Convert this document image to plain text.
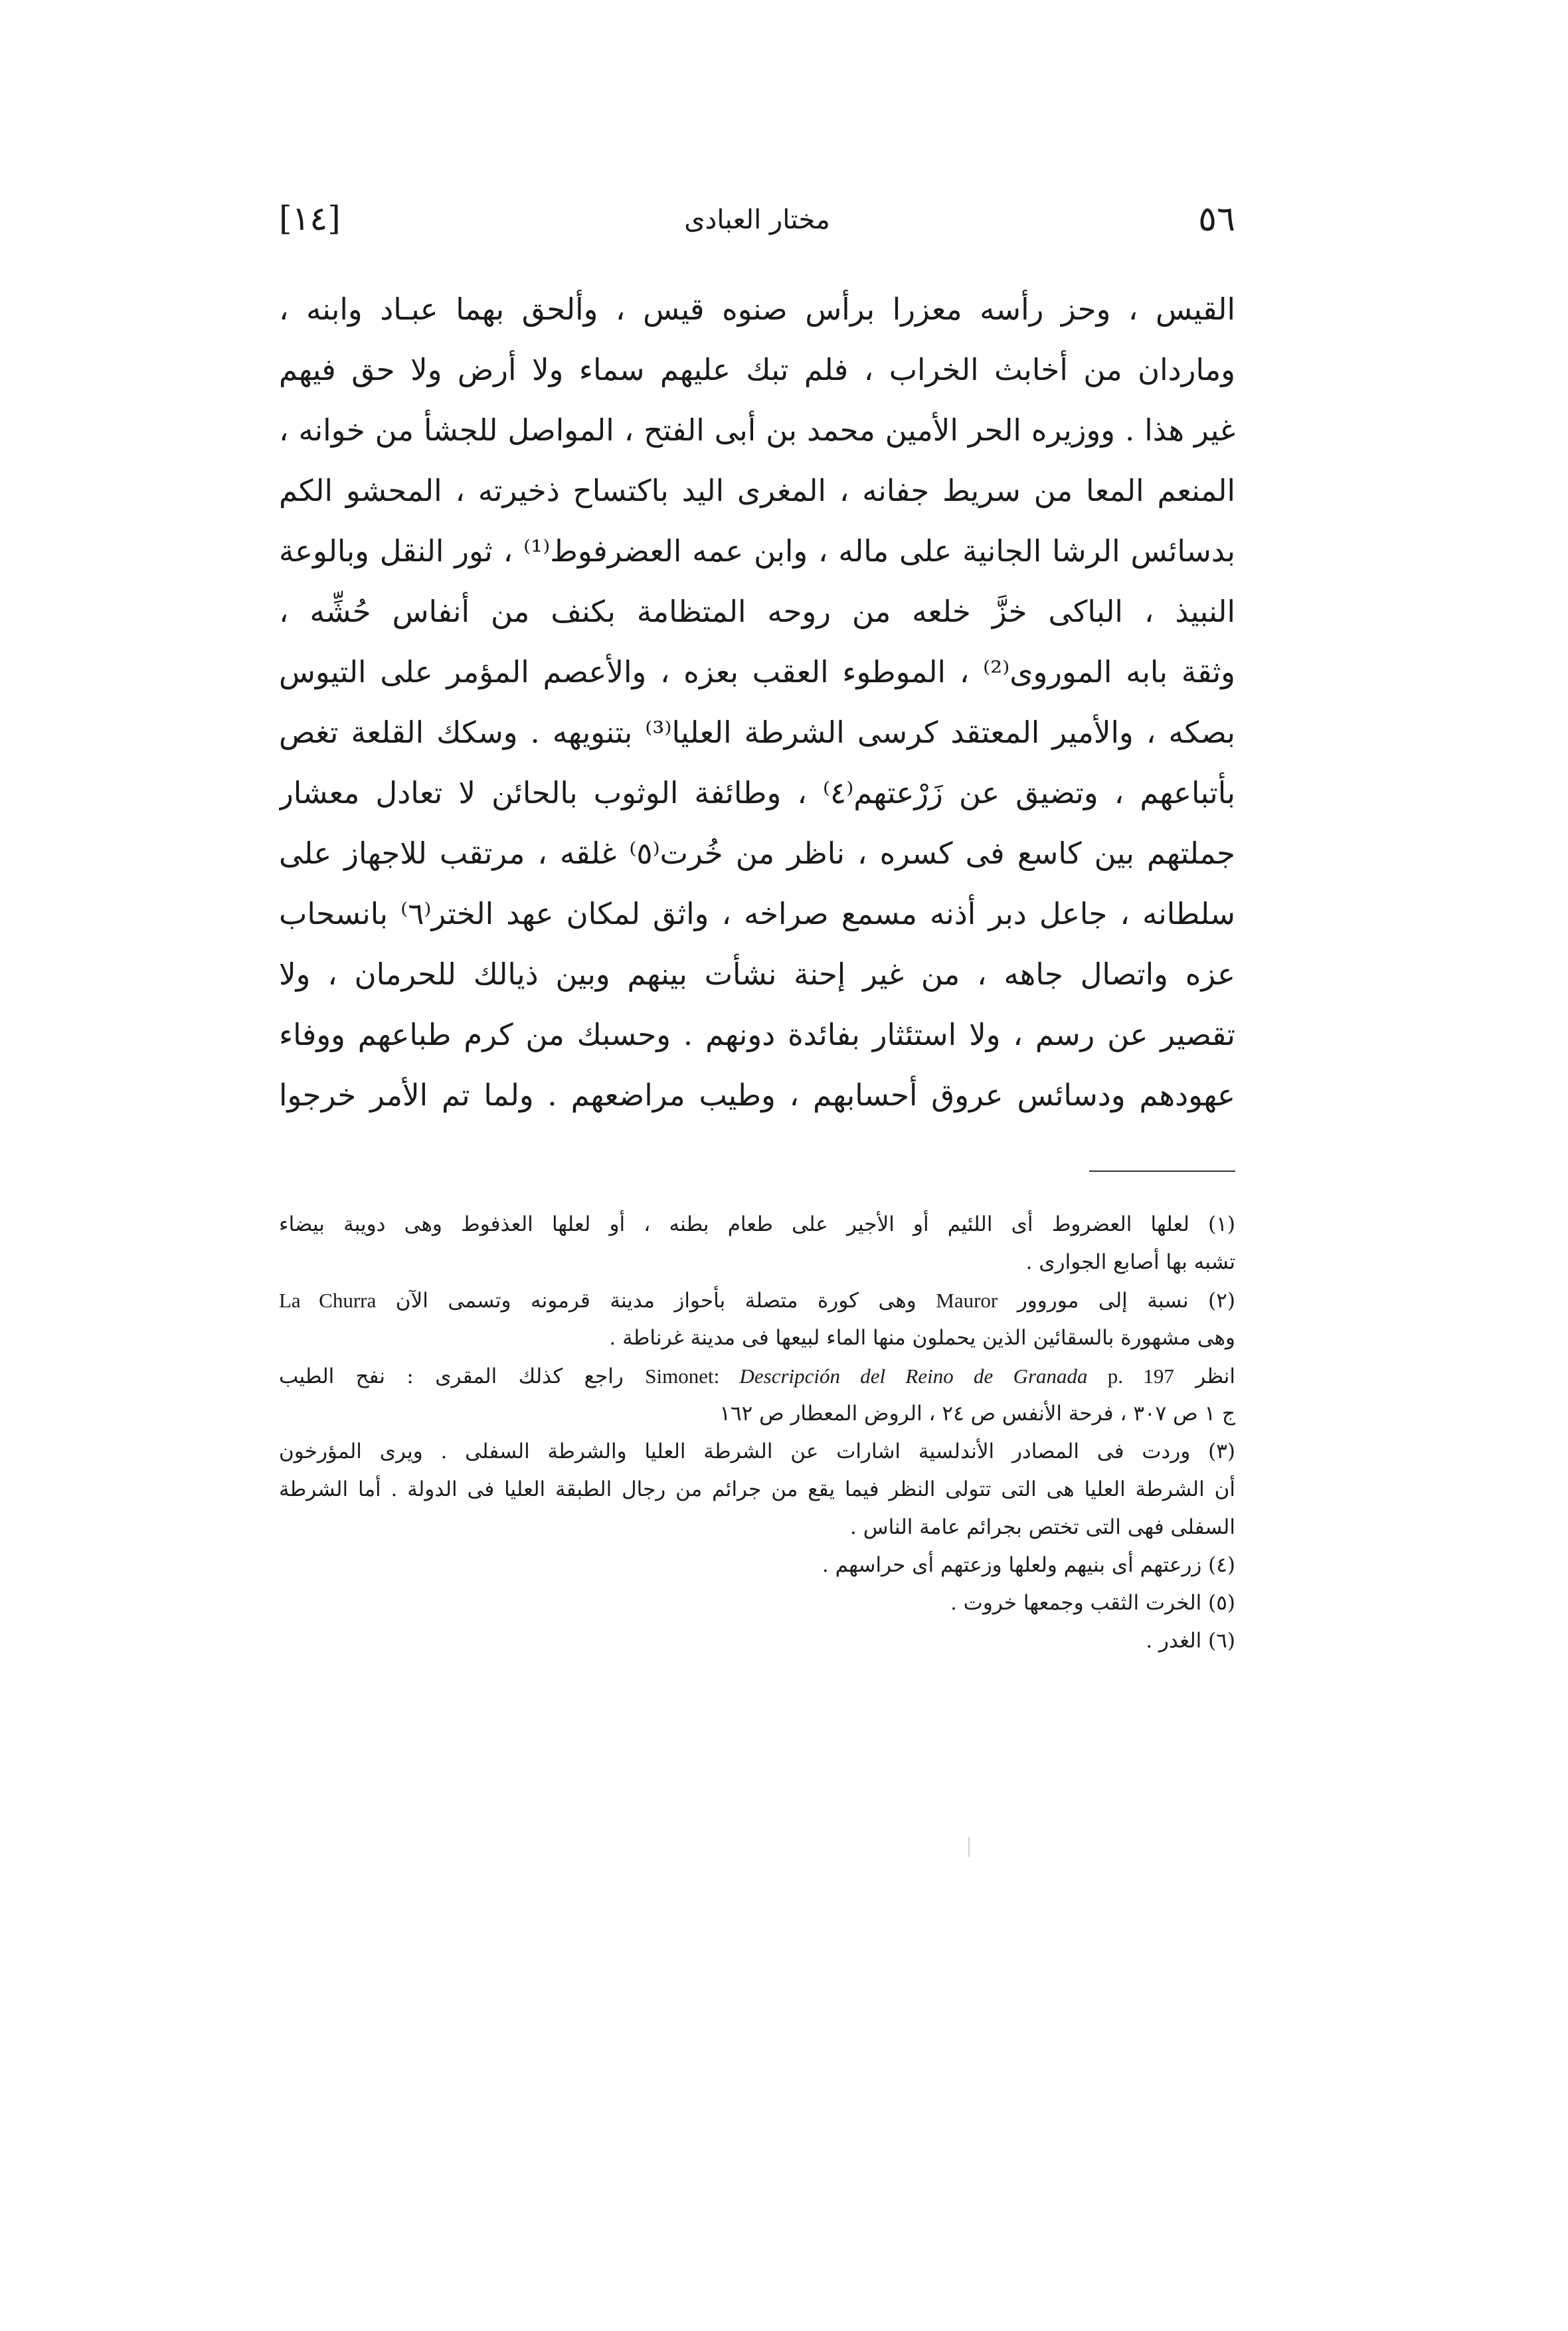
٥٦
مختار العبادى
[١٤]
القيس ، وحز رأسه معزرا برأس صنوه قيس ، وألحق بهما عبـاد وابنه ،
وماردان من أخابث الخراب ، فلم تبك عليهم سماء ولا أرض ولا حق فيهم
غير هذا . ووزيره الحر الأمين محمد بن أبى الفتح ، المواصل للجشأ من خوانه ،
المنعم المعا من سريط جفانه ، المغرى اليد باكتساح ذخيرته ، المحشو الكم
بدسائس الرشا الجانية على ماله ، وابن عمه العضرفوط⁽¹⁾ ، ثور النقل وبالوعة
النبيذ ، الباكى خزَّ خلعه من روحه المتظامة بكنف من أنفاس حُشِّه ،
وثقة بابه الموروى⁽²⁾ ، الموطوء العقب بعزه ، والأعصم المؤمر على التيوس
بصكه ، والأمير المعتقد كرسى الشرطة العليا⁽³⁾ بتنويهه . وسكك القلعة تغص
بأتباعهم ، وتضيق عن زَرْعتهم⁽٤⁾ ، وطائفة الوثوب بالحائن لا تعادل معشار
جملتهم بين كاسع فى كسره ، ناظر من خُرت⁽٥⁾ غلقه ، مرتقب للاجهاز على
سلطانه ، جاعل دبر أذنه مسمع صراخه ، واثق لمكان عهد الختر⁽٦⁾ بانسحاب
عزه واتصال جاهه ، من غير إحنة نشأت بينهم وبين ذيالك للحرمان ، ولا
تقصير عن رسم ، ولا استئثار بفائدة دونهم . وحسبك من كرم طباعهم ووفاء
عهودهم ودسائس عروق أحسابهم ، وطيب مراضعهم . ولما تم الأمر خرجوا
(١) لعلها العضروط أى اللئيم أو الأجير على طعام بطنه ، أو لعلها العذفوط وهى دويبة بيضاء
تشبه بها أصابع الجوارى .
(٢) نسبة إلى موروور Mauror وهى كورة متصلة بأحواز مدينة قرمونه وتسمى الآن La Churra
وهى مشهورة بالسقائين الذين يحملون منها الماء لبيعها فى مدينة غرناطة .
انظر Simonet: Descripción del Reino de Granada p. 197 راجع كذلك المقرى : نفح الطيب
ج ١ ص ٣٠٧ ، فرحة الأنفس ص ٢٤ ، الروض المعطار ص ١٦٢
(٣) وردت فى المصادر الأندلسية اشارات عن الشرطة العليا والشرطة السفلى . ويرى المؤرخون
أن الشرطة العليا هى التى تتولى النظر فيما يقع من جرائم من رجال الطبقة العليا فى الدولة . أما الشرطة
السفلى فهى التى تختص بجرائم عامة الناس .
(٤) زرعتهم أى بنيهم ولعلها وزعتهم أى حراسهم .
(٥) الخرت الثقب وجمعها خروت .
(٦) الغدر .
